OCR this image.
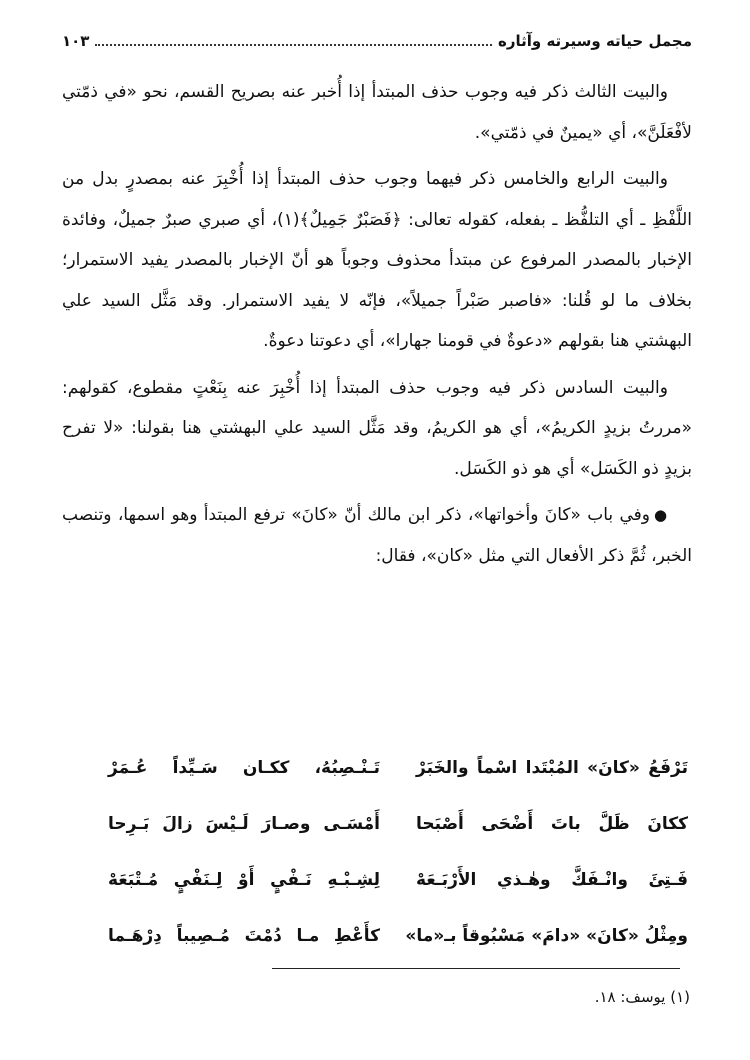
مجمل حياته وسيرته وآثاره
١٠٣

والبيت الثالث ذكر فيه وجوب حذف المبتدأ إذا أُخبر عنه بصريح القسم، نحو «في ذمّتي لأفْعَلَنَّ»، أي «يمينٌ في ذمّتي».

والبيت الرابع والخامس ذكر فيهما وجوب حذف المبتدأ إذا أُخْبِرَ عنه بمصدرٍ بدل من اللَّفْظِ ـ أي التلفُّظ ـ بفعله، كقوله تعالى: ﴿فَصَبْرٌ جَمِيلٌ﴾(١)، أي صبري صبرٌ جميلٌ، وفائدة الإخبار بالمصدر المرفوع عن مبتدأ محذوف وجوباً هو أنّ الإخبار بالمصدر يفيد الاستمرار؛ بخلاف ما لو قُلنا: «فاصبر صَبْراً جميلاً»، فإنّه لا يفيد الاستمرار. وقد مَثَّل السيد علي البهشتي هنا بقولهم «دعوةٌ في قومنا جهارا»، أي دعوتنا دعوةٌ.

والبيت السادس ذكر فيه وجوب حذف المبتدأ إذا أُخْبِرَ عنه بِنَعْتٍ مقطوع، كقولهم: «مررتُ بزيدٍ الكريمُ»، أي هو الكريمُ، وقد مَثَّل السيد علي البهشتي هنا بقولنا: «لا تفرح بزيدٍ ذو الكَسَل» أي هو ذو الكَسَل.

●وفي باب «كانَ وأخواتها»، ذكر ابن مالك أنّ «كانَ» ترفع المبتدأ وهو اسمها، وتنصب الخبر، ثُمَّ ذكر الأفعال التي مثل «كان»، فقال:

تَرْفَعُ «كانَ» المُبْتَدا اسْماً والخَبَرْ
تَـنْـصِبُهُ، ككـان سَـيِّداً عُـمَرْ
ككانَ ظَلَّ باتَ أَضْحَى أَصْبَحا
أَمْسَـى وصـارَ لَـيْسَ زالَ بَـرِحا
فَـتِئَ وانْـفَكَّ وهٰـذي الأَرْبَـعَهْ
لِشِـبْـهِ نَـفْيٍ أَوْ لِـنَفْيٍ مُـتْبَعَهْ
ومِثْلُ «كانَ» «دامَ» مَسْبُوقاً بـ«ما»
كأَعْطِ مـا دُمْتَ مُـصِيباً دِرْهَـما
(١) يوسف: ١٨.
